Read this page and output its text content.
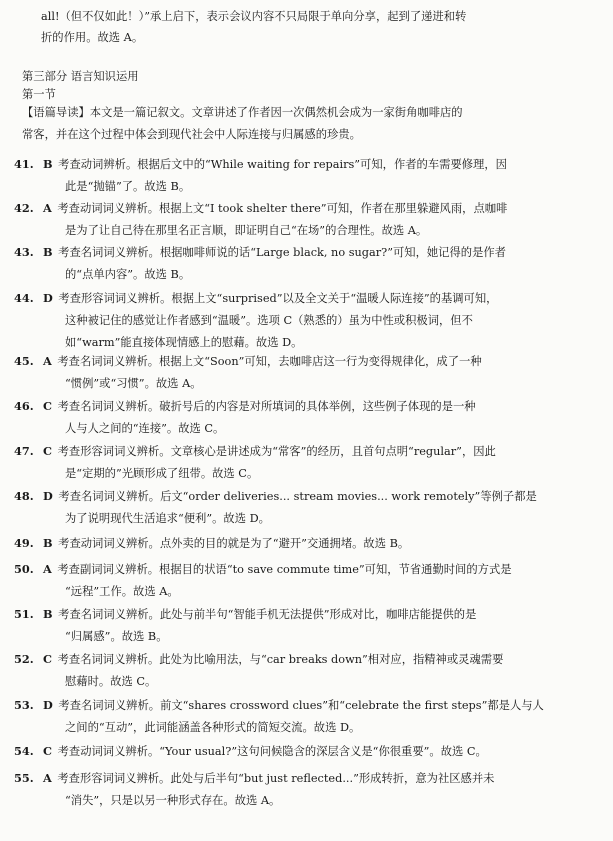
all!（但不仅如此！）”承上启下，表示会议内容不只局限于单向分享，起到了递进和转
折的作用。故选 A。
第三部分 语言知识运用
第一节
【语篇导读】本文是一篇记叙文。文章讲述了作者因一次偶然机会成为一家街角咖啡店的
常客，并在这个过程中体会到现代社会中人际连接与归属感的珍贵。
41. B 考查动词辨析。根据后文中的“While waiting for repairs”可知，作者的车需要修理，因
此是“抛锚”了。故选 B。
42. A 考查动词词义辨析。根据上文“I took shelter there”可知，作者在那里躲避风雨，点咖啡
是为了让自己待在那里名正言顺，即证明自己“在场”的合理性。故选 A。
43. B 考查名词词义辨析。根据咖啡师说的话“Large black, no sugar?”可知，她记得的是作者
的“点单内容”。故选 B。
44. D 考查形容词词义辨析。根据上文“surprised”以及全文关于“温暖人际连接”的基调可知，
这种被记住的感觉让作者感到“温暖”。选项 C（熟悉的）虽为中性或积极词，但不
如“warm”能直接体现情感上的慰藉。故选 D。
45. A 考查名词词义辨析。根据上文“Soon”可知，去咖啡店这一行为变得规律化，成了一种
“惯例”或“习惯”。故选 A。
46. C 考查名词词义辨析。破折号后的内容是对所填词的具体举例，这些例子体现的是一种
人与人之间的“连接”。故选 C。
47. C 考查形容词词义辨析。文章核心是讲述成为“常客”的经历，且首句点明“regular”，因此
是“定期的”光顾形成了纽带。故选 C。
48. D 考查名词词义辨析。后文“order deliveries... stream movies... work remotely”等例子都是
为了说明现代生活追求“便利”。故选 D。
49. B 考查动词词义辨析。点外卖的目的就是为了“避开”交通拥堵。故选 B。
50. A 考查副词词义辨析。根据目的状语“to save commute time”可知，节省通勤时间的方式是
“远程”工作。故选 A。
51. B 考查名词词义辨析。此处与前半句“智能手机无法提供”形成对比，咖啡店能提供的是
“归属感”。故选 B。
52. C 考查名词词义辨析。此处为比喻用法，与“car breaks down”相对应，指精神或灵魂需要
慰藉时。故选 C。
53. D 考查名词词义辨析。前文“shares crossword clues”和“celebrate the first steps”都是人与人
之间的“互动”，此词能涵盖各种形式的简短交流。故选 D。
54. C 考查动词词义辨析。“Your usual?”这句问候隐含的深层含义是“你很重要”。故选 C。
55. A 考查形容词词义辨析。此处与后半句“but just reflected...”形成转折，意为社区感并未
“消失”，只是以另一种形式存在。故选 A。
